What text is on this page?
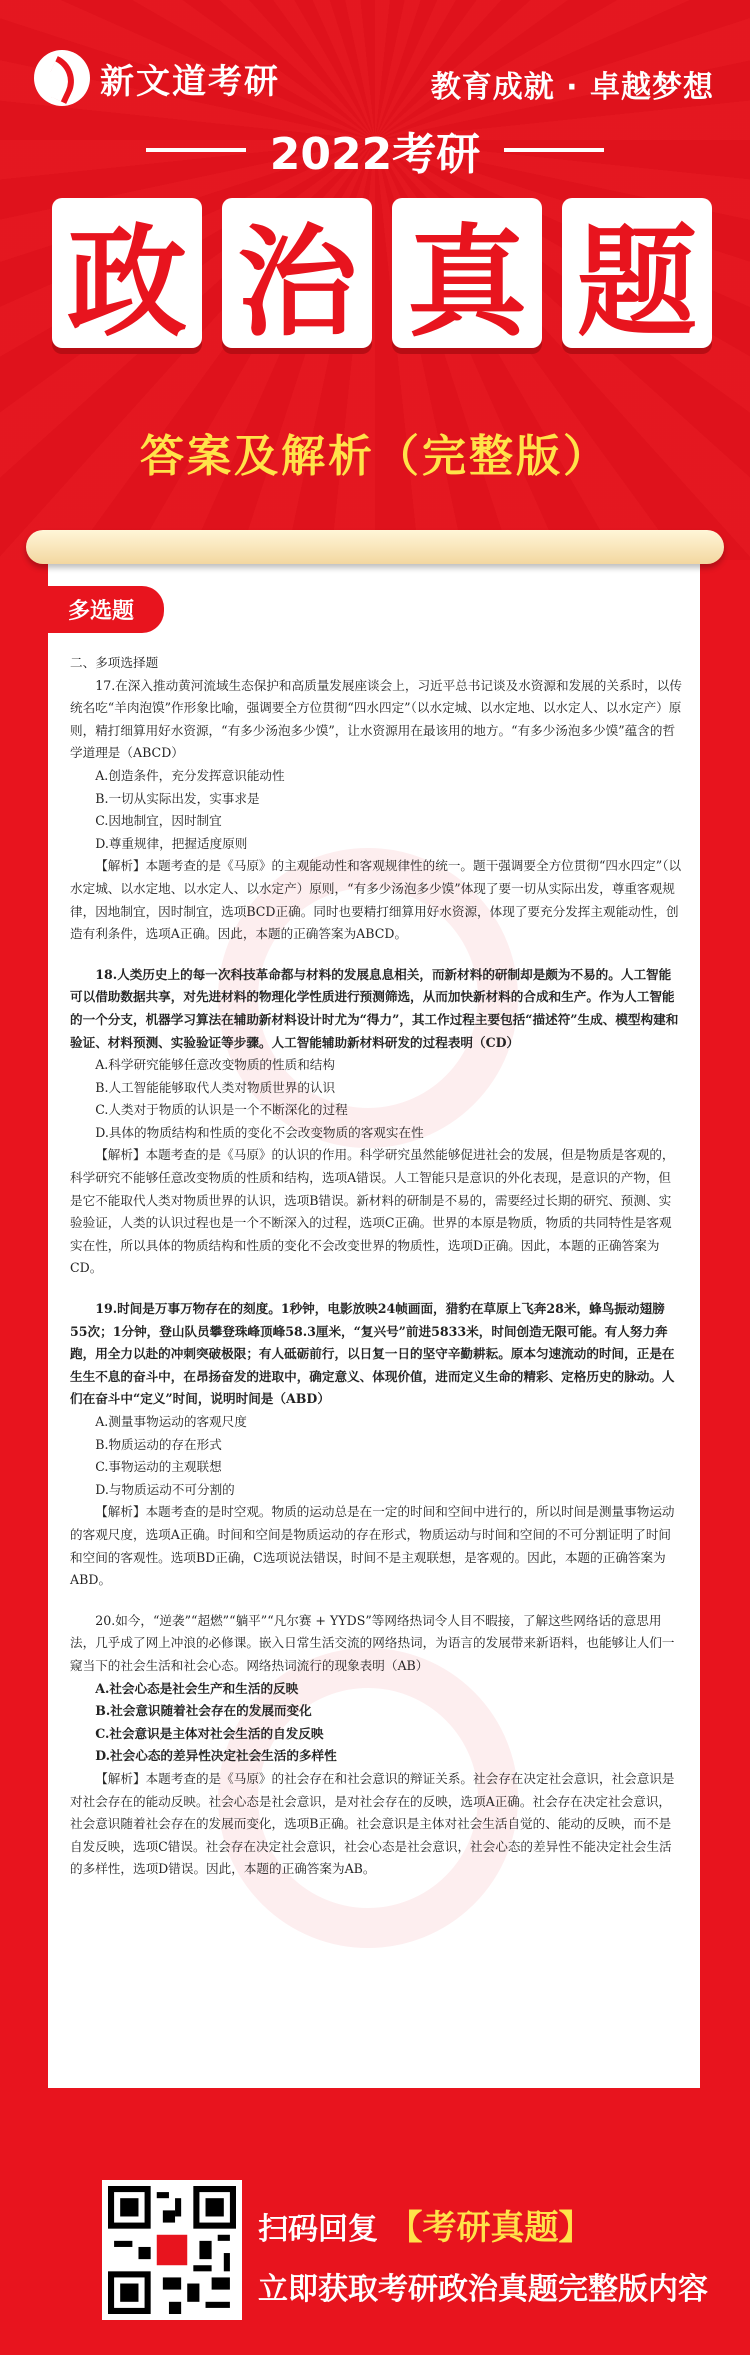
新文道考研	教育成就 · 卓越梦想
2022考研
政 治 真 题
答案及解析（完整版）
多选题

二、多项选择题

17.在深入推动黄河流域生态保护和高质量发展座谈会上，习近平总书记谈及水资源和发展的关系时，以传统名吃“羊肉泡馍”作形象比喻，强调要全方位贯彻“四水四定”（以水定城、以水定地、以水定人、以水定产）原则，精打细算用好水资源，“有多少汤泡多少馍”，让水资源用在最该用的地方。“有多少汤泡多少馍”蕴含的哲学道理是（ABCD）

A.创造条件，充分发挥意识能动性

B.一切从实际出发，实事求是

C.因地制宜，因时制宜

D.尊重规律，把握适度原则

【解析】本题考查的是《马原》的主观能动性和客观规律性的统一。题干强调要全方位贯彻“四水四定”（以水定城、以水定地、以水定人、以水定产）原则，“有多少汤泡多少馍”体现了要一切从实际出发，尊重客观规律，因地制宜，因时制宜，选项BCD正确。同时也要精打细算用好水资源，体现了要充分发挥主观能动性，创造有利条件，选项A正确。因此，本题的正确答案为ABCD。

18.人类历史上的每一次科技革命都与材料的发展息息相关，而新材料的研制却是颇为不易的。人工智能可以借助数据共享，对先进材料的物理化学性质进行预测筛选，从而加快新材料的合成和生产。作为人工智能的一个分支，机器学习算法在辅助新材料设计时尤为“得力”，其工作过程主要包括“描述符”生成、模型构建和验证、材料预测、实验验证等步骤。人工智能辅助新材料研发的过程表明（CD）

A.科学研究能够任意改变物质的性质和结构

B.人工智能能够取代人类对物质世界的认识

C.人类对于物质的认识是一个不断深化的过程

D.具体的物质结构和性质的变化不会改变物质的客观实在性

【解析】本题考查的是《马原》的认识的作用。科学研究虽然能够促进社会的发展，但是物质是客观的，科学研究不能够任意改变物质的性质和结构，选项A错误。人工智能只是意识的外化表现，是意识的产物，但是它不能取代人类对物质世界的认识，选项B错误。新材料的研制是不易的，需要经过长期的研究、预测、实验验证，人类的认识过程也是一个不断深入的过程，选项C正确。世界的本原是物质，物质的共同特性是客观实在性，所以具体的物质结构和性质的变化不会改变世界的物质性，选项D正确。因此，本题的正确答案为CD。

19.时间是万事万物存在的刻度。1秒钟，电影放映24帧画面，猎豹在草原上飞奔28米，蜂鸟振动翅膀55次；1分钟，登山队员攀登珠峰顶峰58.3厘米，“复兴号”前进5833米，时间创造无限可能。有人努力奔跑，用全力以赴的冲刺突破极限；有人砥砺前行，以日复一日的坚守辛勤耕耘。原本匀速流动的时间，正是在生生不息的奋斗中，在昂扬奋发的进取中，确定意义、体现价值，进而定义生命的精彩、定格历史的脉动。人们在奋斗中“定义”时间，说明时间是（ABD）

A.测量事物运动的客观尺度

B.物质运动的存在形式

C.事物运动的主观联想

D.与物质运动不可分割的

【解析】本题考查的是时空观。物质的运动总是在一定的时间和空间中进行的，所以时间是测量事物运动的客观尺度，选项A正确。时间和空间是物质运动的存在形式，物质运动与时间和空间的不可分割证明了时间和空间的客观性。选项BD正确，C选项说法错误，时间不是主观联想，是客观的。因此，本题的正确答案为ABD。

20.如今，“逆袭”“超燃”“躺平”“凡尔赛 + YYDS”等网络热词令人目不暇接，了解这些网络话的意思用法，几乎成了网上冲浪的必修课。嵌入日常生活交流的网络热词，为语言的发展带来新语料，也能够让人们一窥当下的社会生活和社会心态。网络热词流行的现象表明（AB）

A.社会心态是社会生产和生活的反映

B.社会意识随着社会存在的发展而变化

C.社会意识是主体对社会生活的自发反映

D.社会心态的差异性决定社会生活的多样性

【解析】本题考查的是《马原》的社会存在和社会意识的辩证关系。社会存在决定社会意识，社会意识是对社会存在的能动反映。社会心态是社会意识，是对社会存在的反映，选项A正确。社会存在决定社会意识，社会意识随着社会存在的发展而变化，选项B正确。社会意识是主体对社会生活自觉的、能动的反映，而不是自发反映，选项C错误。社会存在决定社会意识，社会心态是社会意识，社会心态的差异性不能决定社会生活的多样性，选项D错误。因此，本题的正确答案为AB。

扫码回复 【考研真题】
立即获取考研政治真题完整版内容
